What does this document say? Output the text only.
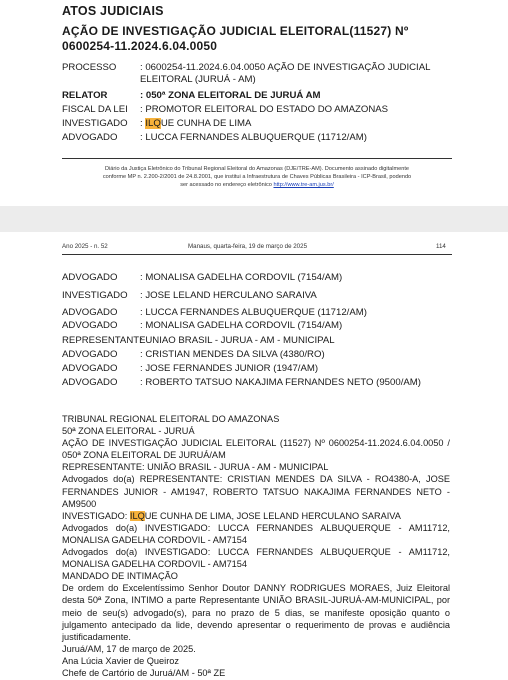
ATOS JUDICIAIS
AÇÃO DE INVESTIGAÇÃO JUDICIAL ELEITORAL(11527) Nº 0600254-11.2024.6.04.0050
PROCESSO	: 0600254-11.2024.6.04.0050 AÇÃO DE INVESTIGAÇÃO JUDICIAL ELEITORAL (JURUÁ - AM)
RELATOR	: 050ª ZONA ELEITORAL DE JURUÁ AM
FISCAL DA LEI	: PROMOTOR ELEITORAL DO ESTADO DO AMAZONAS
INVESTIGADO	: ILQUE CUNHA DE LIMA
ADVOGADO	: LUCCA FERNANDES ALBUQUERQUE (11712/AM)
Diário da Justiça Eletrônico do Tribunal Regional Eleitoral do Amazonas (DJE/TRE-AM). Documento assinado digitalmente
conforme MP n. 2.200-2/2001 de 24.8.2001, que institui a Infraestrutura de Chaves Públicas Brasileira - ICP-Brasil, podendo
ser acessado no endereço eletrônico http://www.tre-am.jus.br/
Ano 2025 - n. 52	Manaus, quarta-feira, 19 de março de 2025	114
ADVOGADO	: MONALISA GADELHA CORDOVIL (7154/AM)
INVESTIGADO	: JOSE LELAND HERCULANO SARAIVA
ADVOGADO	: LUCCA FERNANDES ALBUQUERQUE (11712/AM)
ADVOGADO	: MONALISA GADELHA CORDOVIL (7154/AM)
REPRESENTANTE
: UNIAO BRASIL - JURUA - AM - MUNICIPAL
ADVOGADO	: CRISTIAN MENDES DA SILVA (4380/RO)
ADVOGADO	: JOSE FERNANDES JUNIOR (1947/AM)
ADVOGADO	: ROBERTO TATSUO NAKAJIMA FERNANDES NETO (9500/AM)
TRIBUNAL REGIONAL ELEITORAL DO AMAZONAS
50ª ZONA ELEITORAL - JURUÁ
AÇÃO DE INVESTIGAÇÃO JUDICIAL ELEITORAL (11527) Nº 0600254-11.2024.6.04.0050 / 050ª ZONA ELEITORAL DE JURUÁ/AM
REPRESENTANTE: UNIÃO BRASIL - JURUA - AM - MUNICIPAL
Advogados do(a) REPRESENTANTE: CRISTIAN MENDES DA SILVA - RO4380-A, JOSE FERNANDES JUNIOR - AM1947, ROBERTO TATSUO NAKAJIMA FERNANDES NETO - AM9500
INVESTIGADO: ILQUE CUNHA DE LIMA, JOSE LELAND HERCULANO SARAIVA
Advogados do(a) INVESTIGADO: LUCCA FERNANDES ALBUQUERQUE - AM11712, MONALISA GADELHA CORDOVIL - AM7154
Advogados do(a) INVESTIGADO: LUCCA FERNANDES ALBUQUERQUE - AM11712, MONALISA GADELHA CORDOVIL - AM7154
MANDADO DE INTIMAÇÃO
De ordem do Excelentíssimo Senhor Doutor DANNY RODRIGUES MORAES, Juiz Eleitoral desta 50ª Zona, INTIMO a parte Representante UNIÃO BRASIL-JURUÁ-AM-MUNICIPAL, por meio de seu(s) advogado(s), para no prazo de 5 dias, se manifeste oposição quanto o julgamento antecipado da lide, devendo apresentar o requerimento de provas e audiência justificadamente.
Juruá/AM, 17 de março de 2025.
Ana Lúcia Xavier de Queiroz
Chefe de Cartório de Juruá/AM - 50ª ZE
